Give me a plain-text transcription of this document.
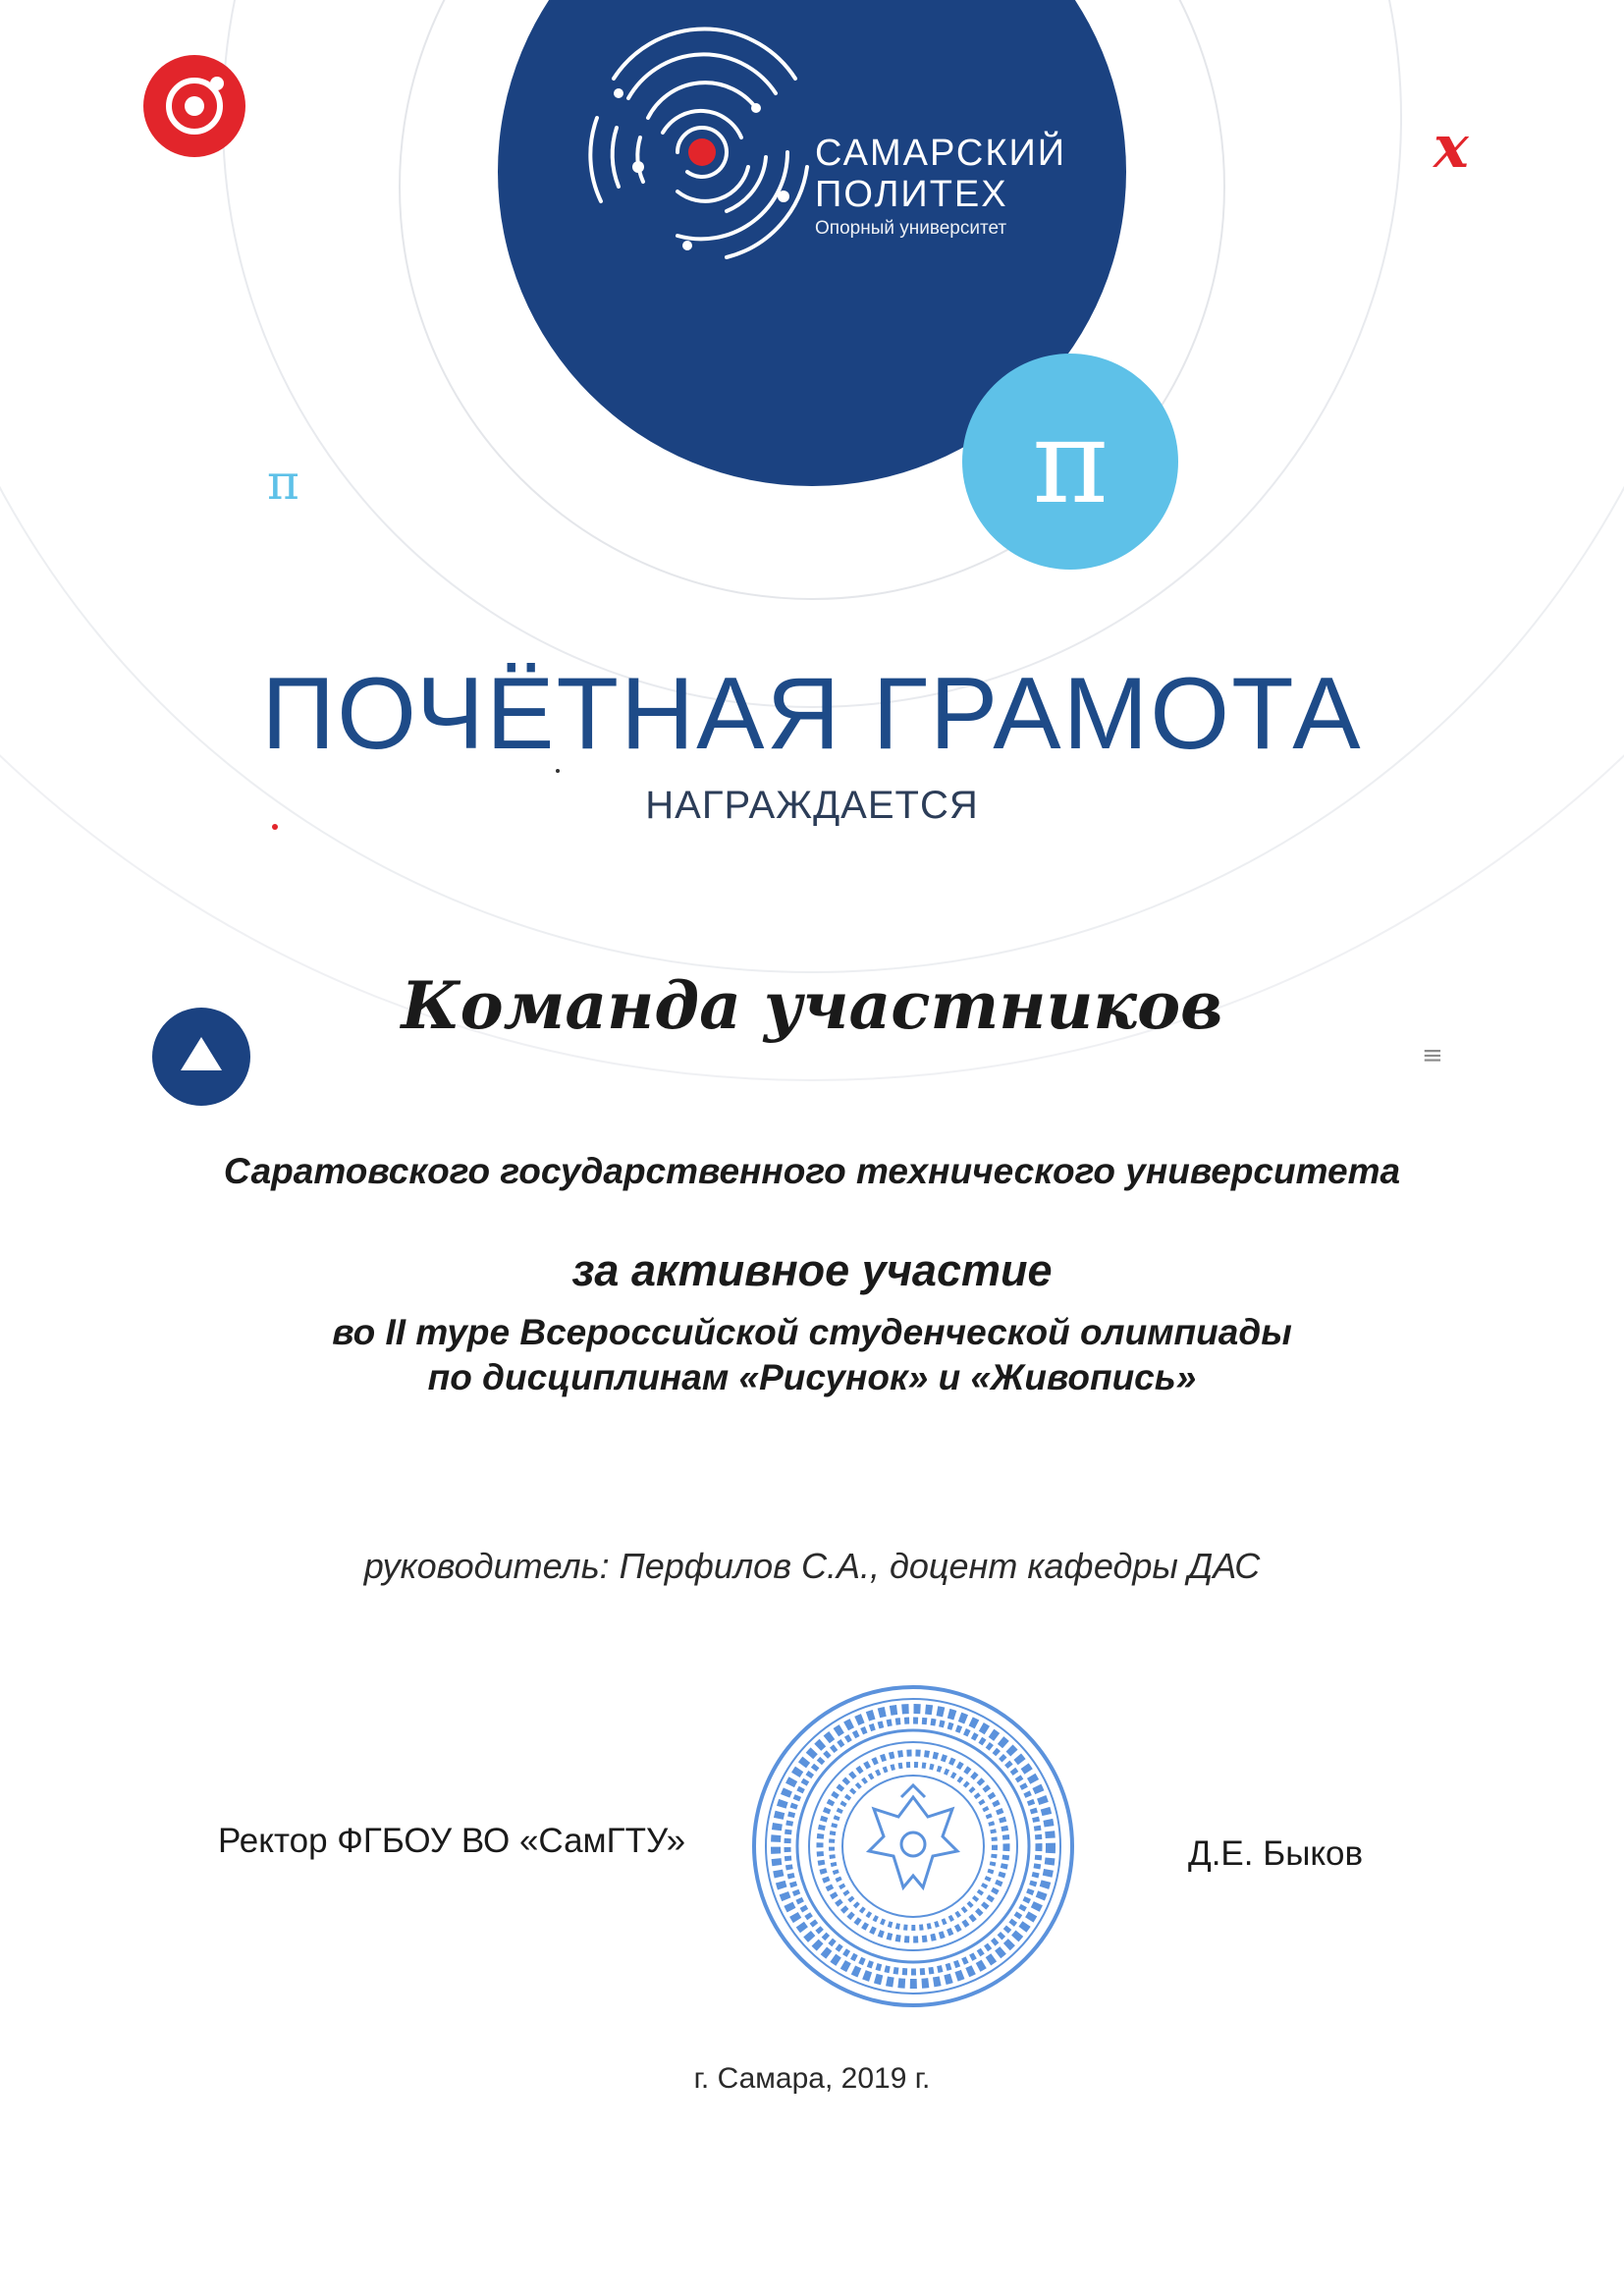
САМАРСКИЙ
ПОЛИТЕХ
Опорный университет
π
π
x
≡
ПОЧЁТНАЯ ГРАМОТА
НАГРАЖДАЕТСЯ
Команда участников
Саратовского государственного технического университета
за активное участие
во II туре Всероссийской студенческой олимпиады
по дисциплинам «Рисунок» и «Живопись»
руководитель: Перфилов С.А., доцент кафедры ДАС
Ректор ФГБОУ ВО «СамГТУ»	Д.Е. Быков
г. Самара, 2019 г.
